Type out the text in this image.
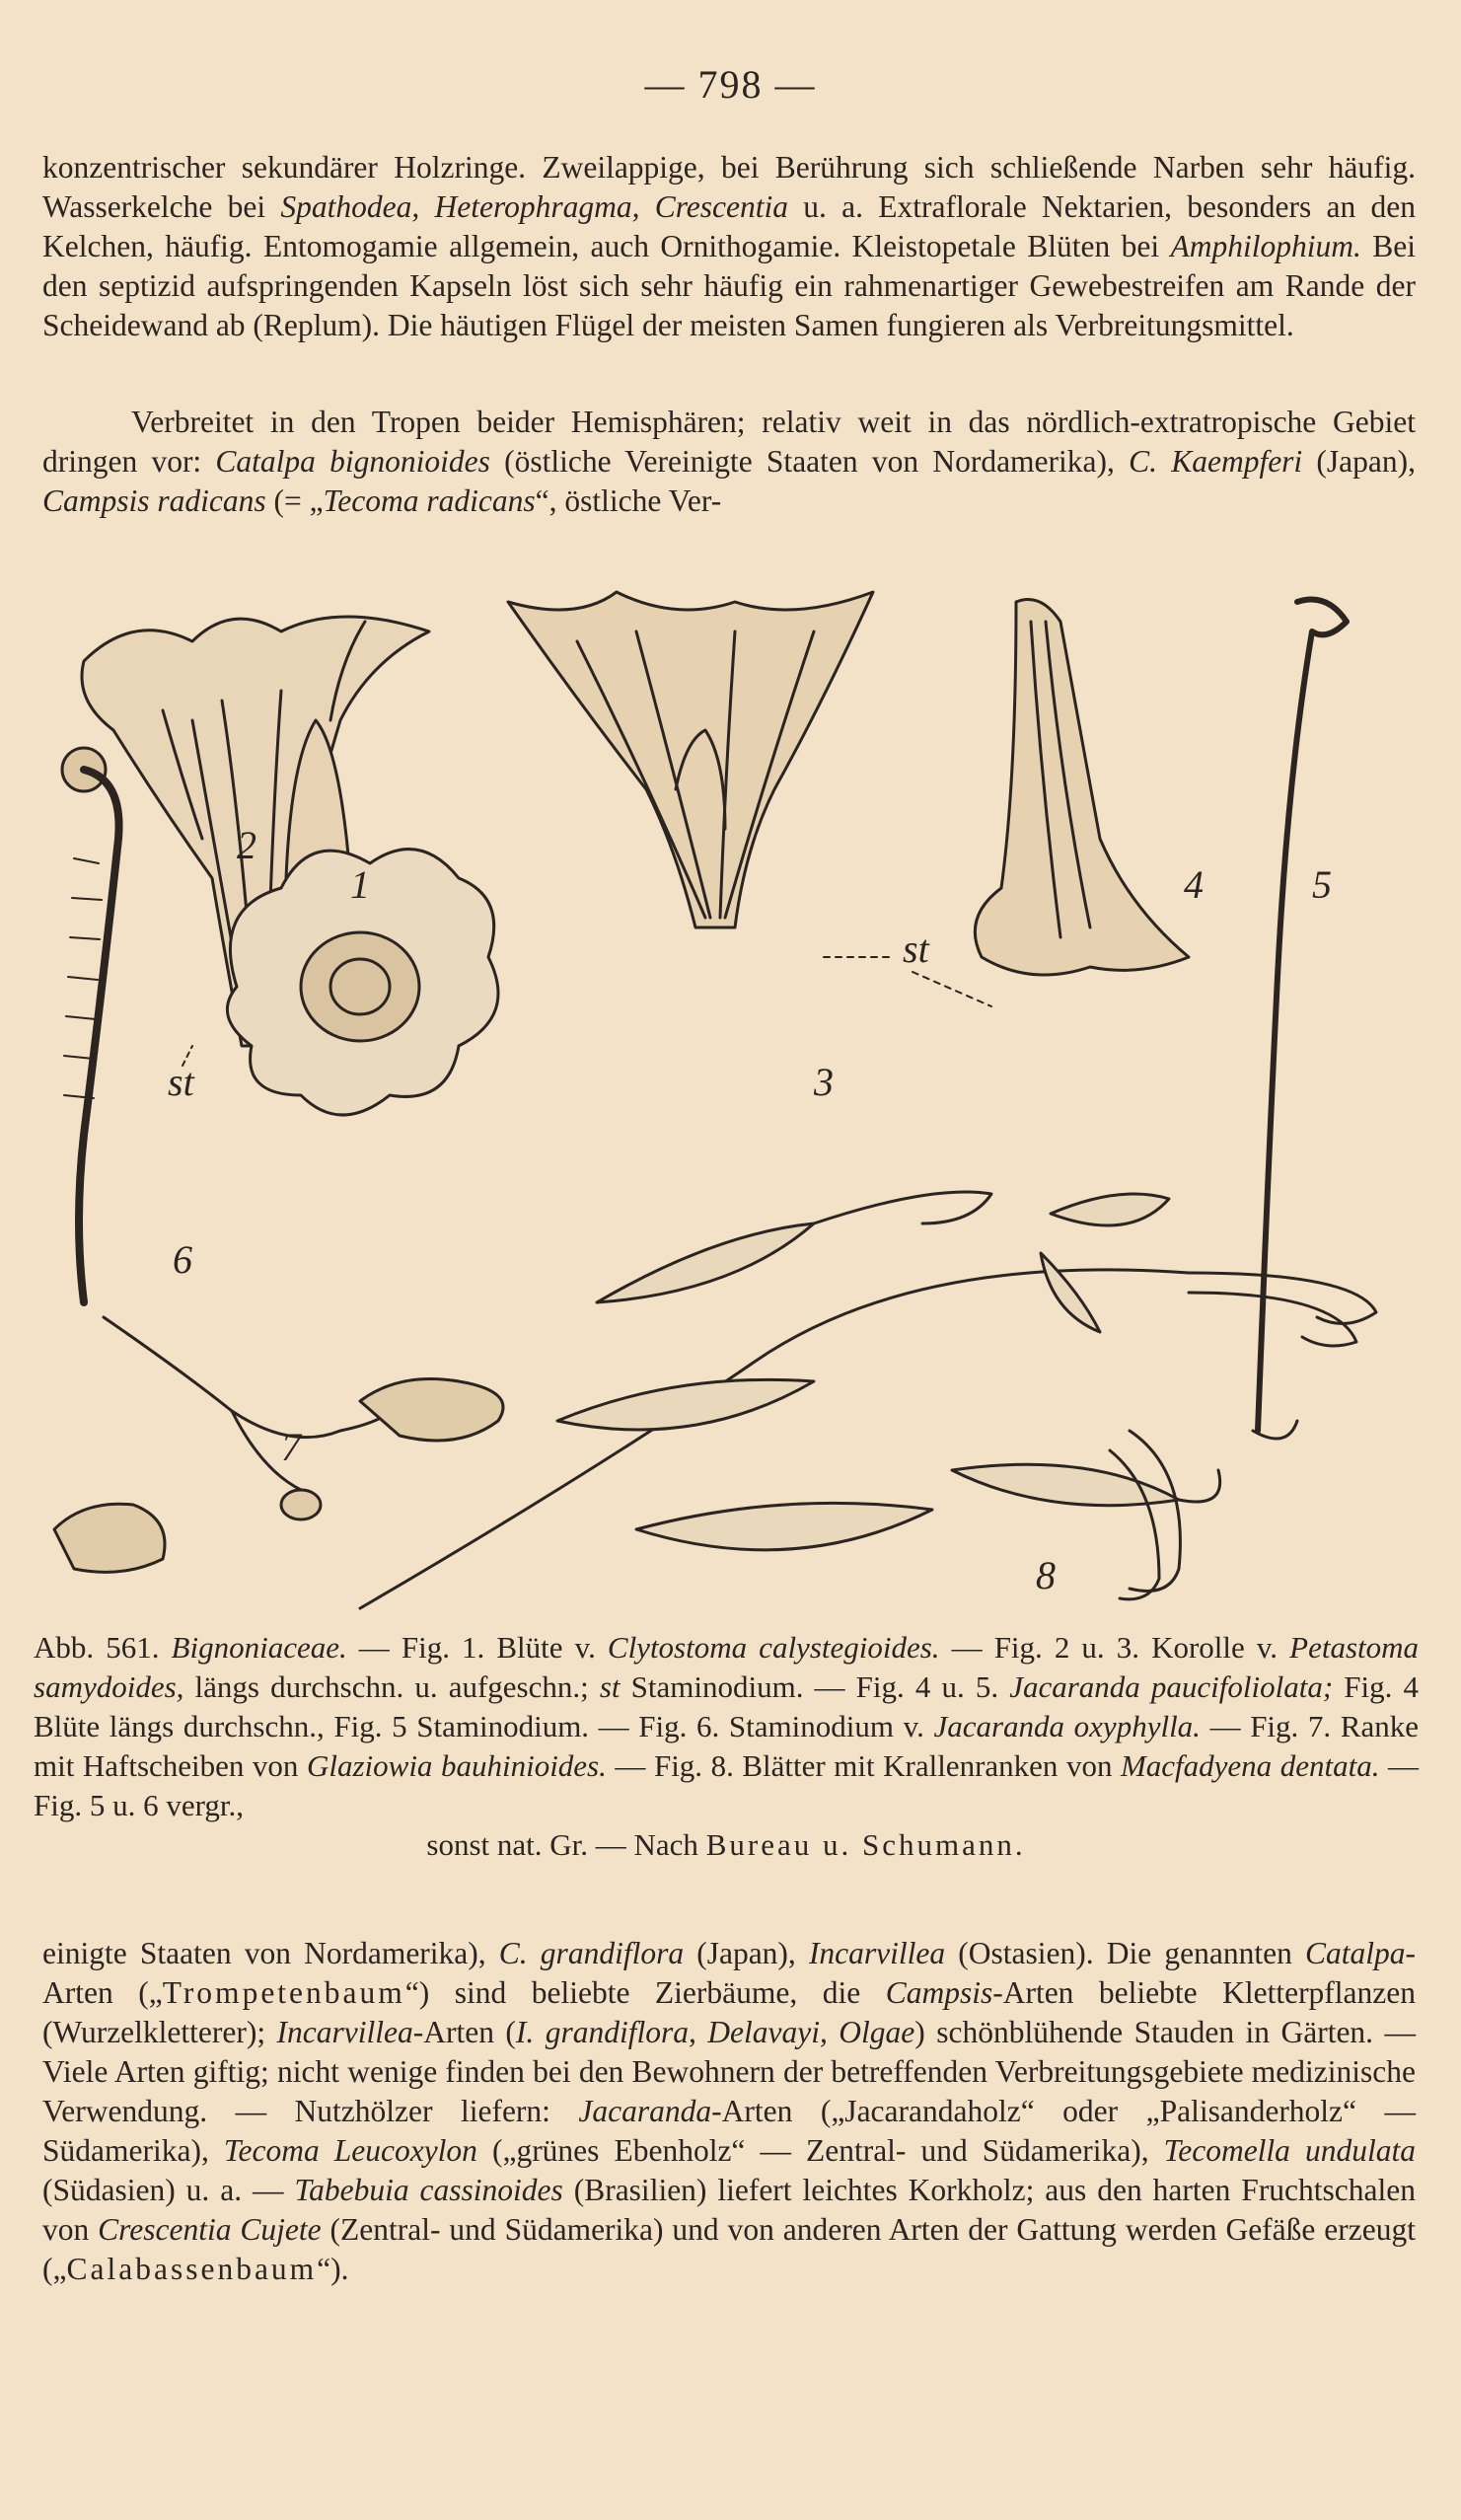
— 798 —

konzentrischer sekundärer Holzringe. Zweilappige, bei Berührung sich schließende Narben sehr häufig. Wasserkelche bei Spathodea, Heterophragma, Crescentia u. a. Extraflorale Nektarien, besonders an den Kelchen, häufig. Entomogamie allgemein, auch Ornithogamie. Kleistopetale Blüten bei Amphilophium. Bei den septizid aufspringenden Kapseln löst sich sehr häufig ein rahmenartiger Gewebestreifen am Rande der Scheidewand ab (Replum). Die häutigen Flügel der meisten Samen fungieren als Verbreitungsmittel.

Verbreitet in den Tropen beider Hemisphären; relativ weit in das nördlich-extratropische Gebiet dringen vor: Catalpa bignonioides (östliche Vereinigte Staaten von Nordamerika), C. Kaempferi (Japan), Campsis radicans (= „Tecoma radicans“, östliche Ver-

1
2
3
4	5
6
7
8
st
st

Abb. 561. Bignoniaceae. — Fig. 1. Blüte v. Clytostoma calystegioides. — Fig. 2 u. 3. Korolle v. Petastoma samydoides, längs durchschn. u. aufgeschn.; st Staminodium. — Fig. 4 u. 5. Jacaranda paucifoliolata; Fig. 4 Blüte längs durchschn., Fig. 5 Staminodium. — Fig. 6. Staminodium v. Jacaranda oxyphylla. — Fig. 7. Ranke mit Haftscheiben von Glaziowia bauhinioides. — Fig. 8. Blätter mit Krallenranken von Macfadyena dentata. — Fig. 5 u. 6 vergr.,

sonst nat. Gr. — Nach Bureau u. Schumann.

einigte Staaten von Nordamerika), C. grandiflora (Japan), Incarvillea (Ostasien). Die genannten Catalpa-Arten („Trompetenbaum“) sind beliebte Zierbäume, die Campsis-Arten beliebte Kletterpflanzen (Wurzelkletterer); Incarvillea-Arten (I. grandiflora, Delavayi, Olgae) schönblühende Stauden in Gärten. — Viele Arten giftig; nicht wenige finden bei den Bewohnern der betreffenden Verbreitungsgebiete medizinische Verwendung. — Nutzhölzer liefern: Jacaranda-Arten („Jacarandaholz“ oder „Palisanderholz“ — Südamerika), Tecoma Leucoxylon („grünes Ebenholz“ — Zentral- und Südamerika), Tecomella undulata (Südasien) u. a. — Tabebuia cassinoides (Brasilien) liefert leichtes Korkholz; aus den harten Fruchtschalen von Crescentia Cujete (Zentral- und Südamerika) und von anderen Arten der Gattung werden Gefäße erzeugt („Calabassenbaum“).
